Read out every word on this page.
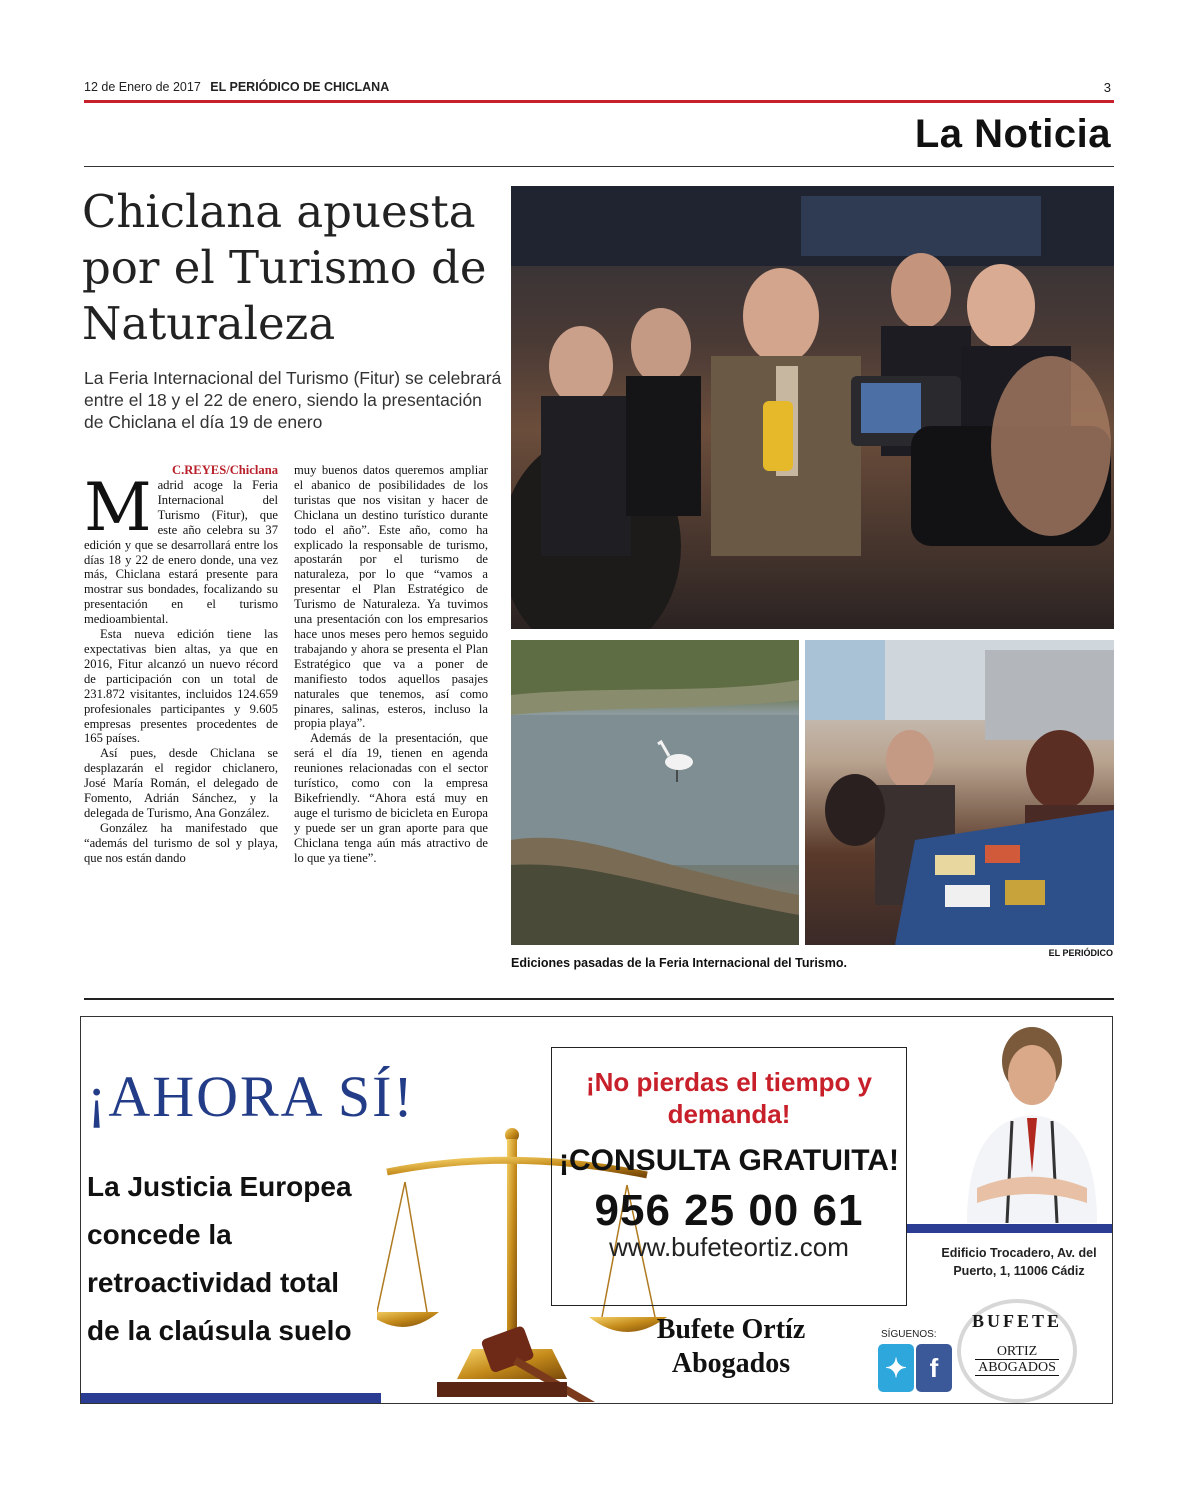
12 de Enero de 2017 EL PERIÓDICO DE CHICLANA	3
La Noticia
Chiclana apuesta por el Turismo de Naturaleza

La Feria Internacional del Turismo (Fitur) se celebrará entre el 18 y el 22 de enero, siendo la presentación de Chiclana el día 19 de enero

C.REYES/Chiclana

Madrid acoge la Feria Internacional del Turismo (Fitur), que este año celebra su 37 edición y que se desarrollará entre los días 18 y 22 de enero donde, una vez más, Chiclana estará presente para mostrar sus bondades, focalizando su presentación en el turismo medioambiental.

Esta nueva edición tiene las expectativas bien altas, ya que en 2016, Fitur alcanzó un nuevo récord de participación con un total de 231.872 visitantes, incluidos 124.659 profesionales participantes y 9.605 empresas presentes procedentes de 165 países.

Así pues, desde Chiclana se desplazarán el regidor chiclanero, José María Román, el delegado de Fomento, Adrián Sánchez, y la delegada de Turismo, Ana González.

González ha manifestado que “además del turismo de sol y playa, que nos están dando

muy buenos datos queremos ampliar el abanico de posibilidades de los turistas que nos visitan y hacer de Chiclana un destino turístico durante todo el año”. Este año, como ha explicado la responsable de turismo, apostarán por el turismo de naturaleza, por lo que “vamos a presentar el Plan Estratégico de Turismo de Naturaleza. Ya tuvimos una presentación con los empresarios hace unos meses pero hemos seguido trabajando y ahora se presenta el Plan Estratégico que va a poner de manifiesto todos aquellos pasajes naturales que tenemos, así como pinares, salinas, esteros, incluso la propia playa”.

Además de la presentación, que será el día 19, tienen en agenda reuniones relacionadas con el sector turístico, como con la empresa Bikefriendly. “Ahora está muy en auge el turismo de bicicleta en Europa y puede ser un gran aporte para que Chiclana tenga aún más atractivo de lo que ya tiene”.

Ediciones pasadas de la Feria Internacional del Turismo.
EL PERIÓDICO
¡AHORA SÍ!
La Justicia Europea
concede la
retroactividad total
de la claúsula suelo
¡No pierdas el tiempo y demanda!
¡CONSULTA GRATUITA!
956 25 00 61
www.bufeteortiz.com
Bufete Ortíz Abogados
Edificio Trocadero, Av. del Puerto, 1, 11006 Cádiz
SÍGUENOS:
✦ f
BUFETE
ORTIZ
ABOGADOS
